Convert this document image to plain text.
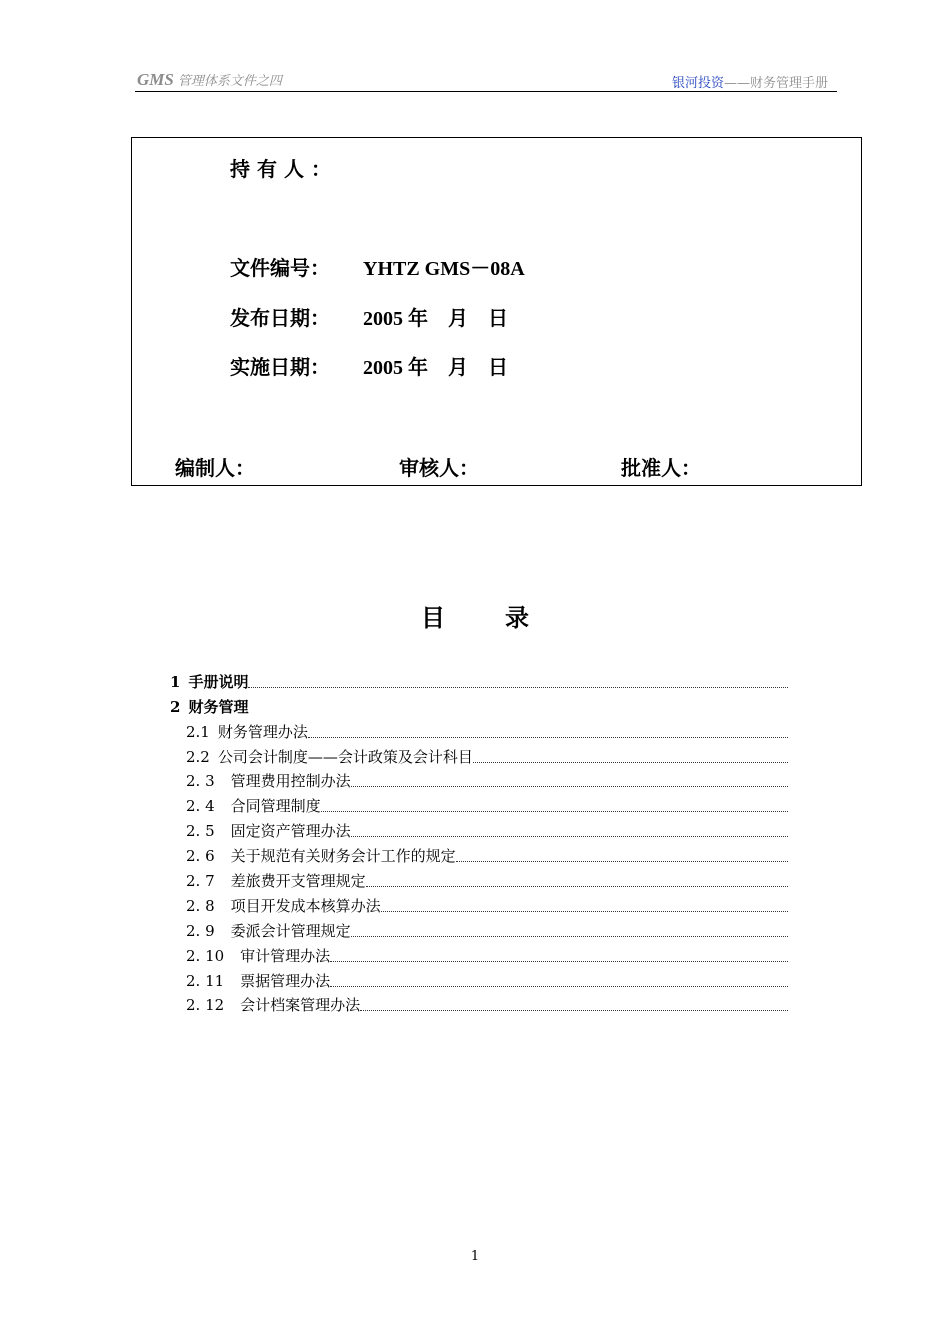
GMS 管理体系文件之四	银河投资——财务管理手册
持有人：
文件编号： YHTZ GMS－08A
发布日期： 2005 年　月　日
实施日期： 2005 年　月　日
编制人：	审核人：	批准人：
目录
1 手册说明
2 财务管理
2.1 财务管理办法
2.2 公司会计制度——会计政策及会计科目
2. 3 管理费用控制办法
2. 4 合同管理制度
2. 5 固定资产管理办法
2. 6 关于规范有关财务会计工作的规定
2. 7 差旅费开支管理规定
2. 8 项目开发成本核算办法
2. 9 委派会计管理规定
2. 10 审计管理办法
2. 11 票据管理办法
2. 12 会计档案管理办法
1
